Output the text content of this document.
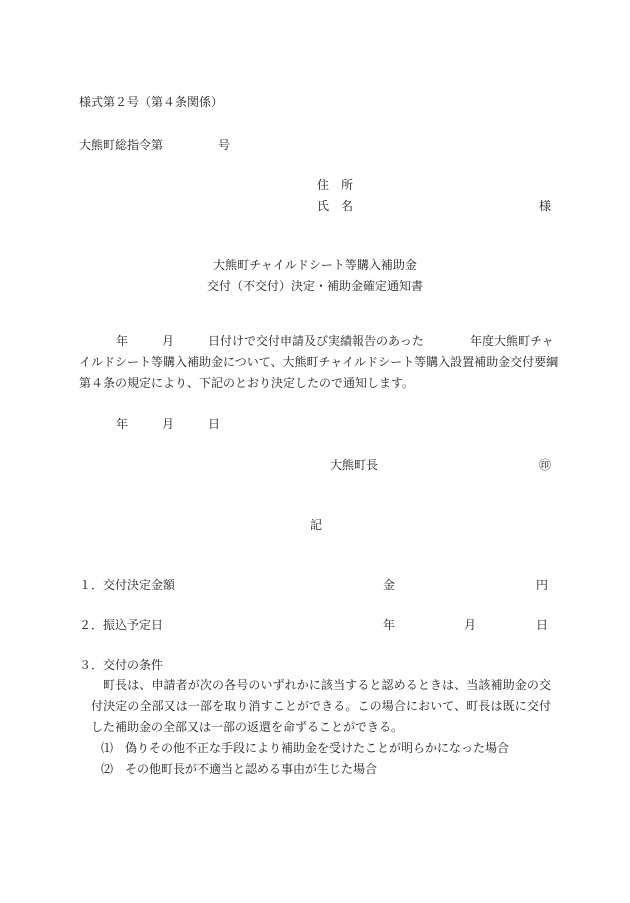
様式第２号（第４条関係）
大熊町総指令第	号
住　所
氏　名	様
大熊町チャイルドシート等購入補助金
交付（不交付）決定・補助金確定通知書
年	月	日付けで交付申請及び実績報告のあった	年度大熊町チャ
イルドシート等購入補助金について、大熊町チャイルドシート等購入設置補助金交付要綱
第４条の規定により、下記のとおり決定したので通知します。
年	月	日
大熊町長	㊞
記
１．交付決定金額	金	円
２．振込予定日	年	月	日
３．交付の条件
町長は、申請者が次の各号のいずれかに該当すると認めるときは、当該補助金の交付決定の全部又は一部を取り消すことができる。この場合において、町長は既に交付した補助金の全部又は一部の返還を命ずることができる。
⑴　偽りその他不正な手段により補助金を受けたことが明らかになった場合
⑵　その他町長が不適当と認める事由が生じた場合
